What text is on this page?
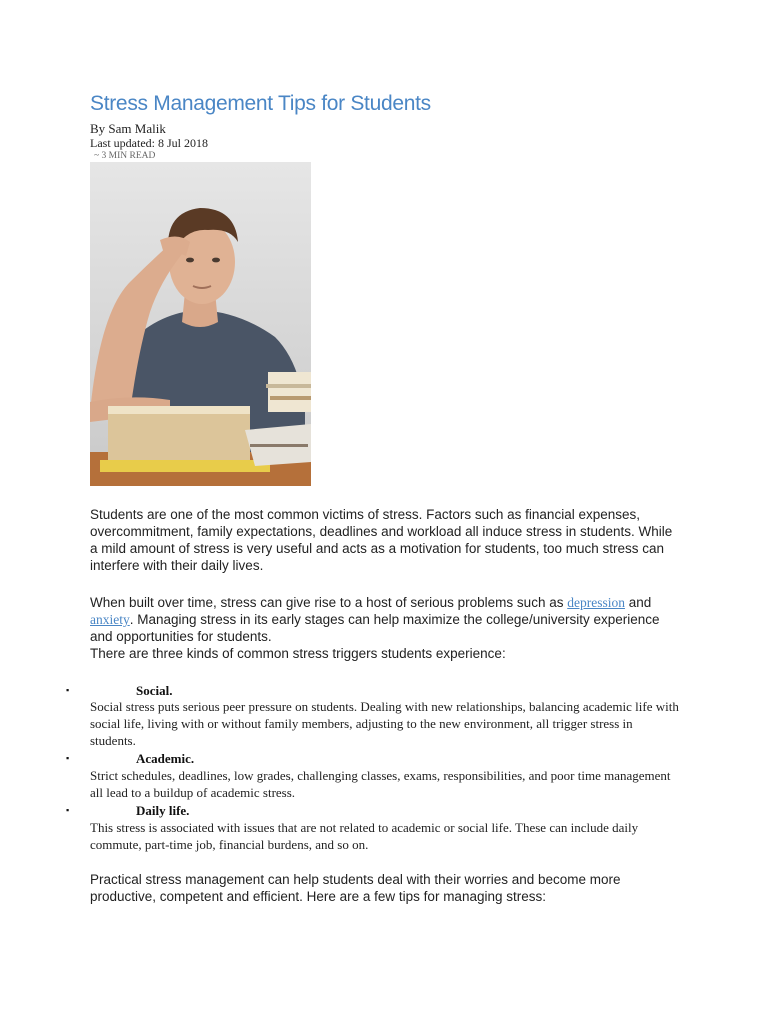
Stress Management Tips for Students
By Sam Malik
Last updated: 8 Jul 2018
~ 3 MIN READ

Students are one of the most common victims of stress. Factors such as financial expenses, overcommitment, family expectations, deadlines and workload all induce stress in students. While a mild amount of stress is very useful and acts as a motivation for students, too much stress can interfere with their daily lives.

When built over time, stress can give rise to a host of serious problems such as depression and anxiety. Managing stress in its early stages can help maximize the college/university experience and opportunities for students.

There are three kinds of common stress triggers students experience:

▪	Social.

Social stress puts serious peer pressure on students. Dealing with new relationships, balancing academic life with social life, living with or without family members, adjusting to the new environment, all trigger stress in students.

▪	Academic.

Strict schedules, deadlines, low grades, challenging classes, exams, responsibilities, and poor time management all lead to a buildup of academic stress.

▪	Daily life.

This stress is associated with issues that are not related to academic or social life. These can include daily commute, part-time job, financial burdens, and so on.

Practical stress management can help students deal with their worries and become more productive, competent and efficient. Here are a few tips for managing stress:
